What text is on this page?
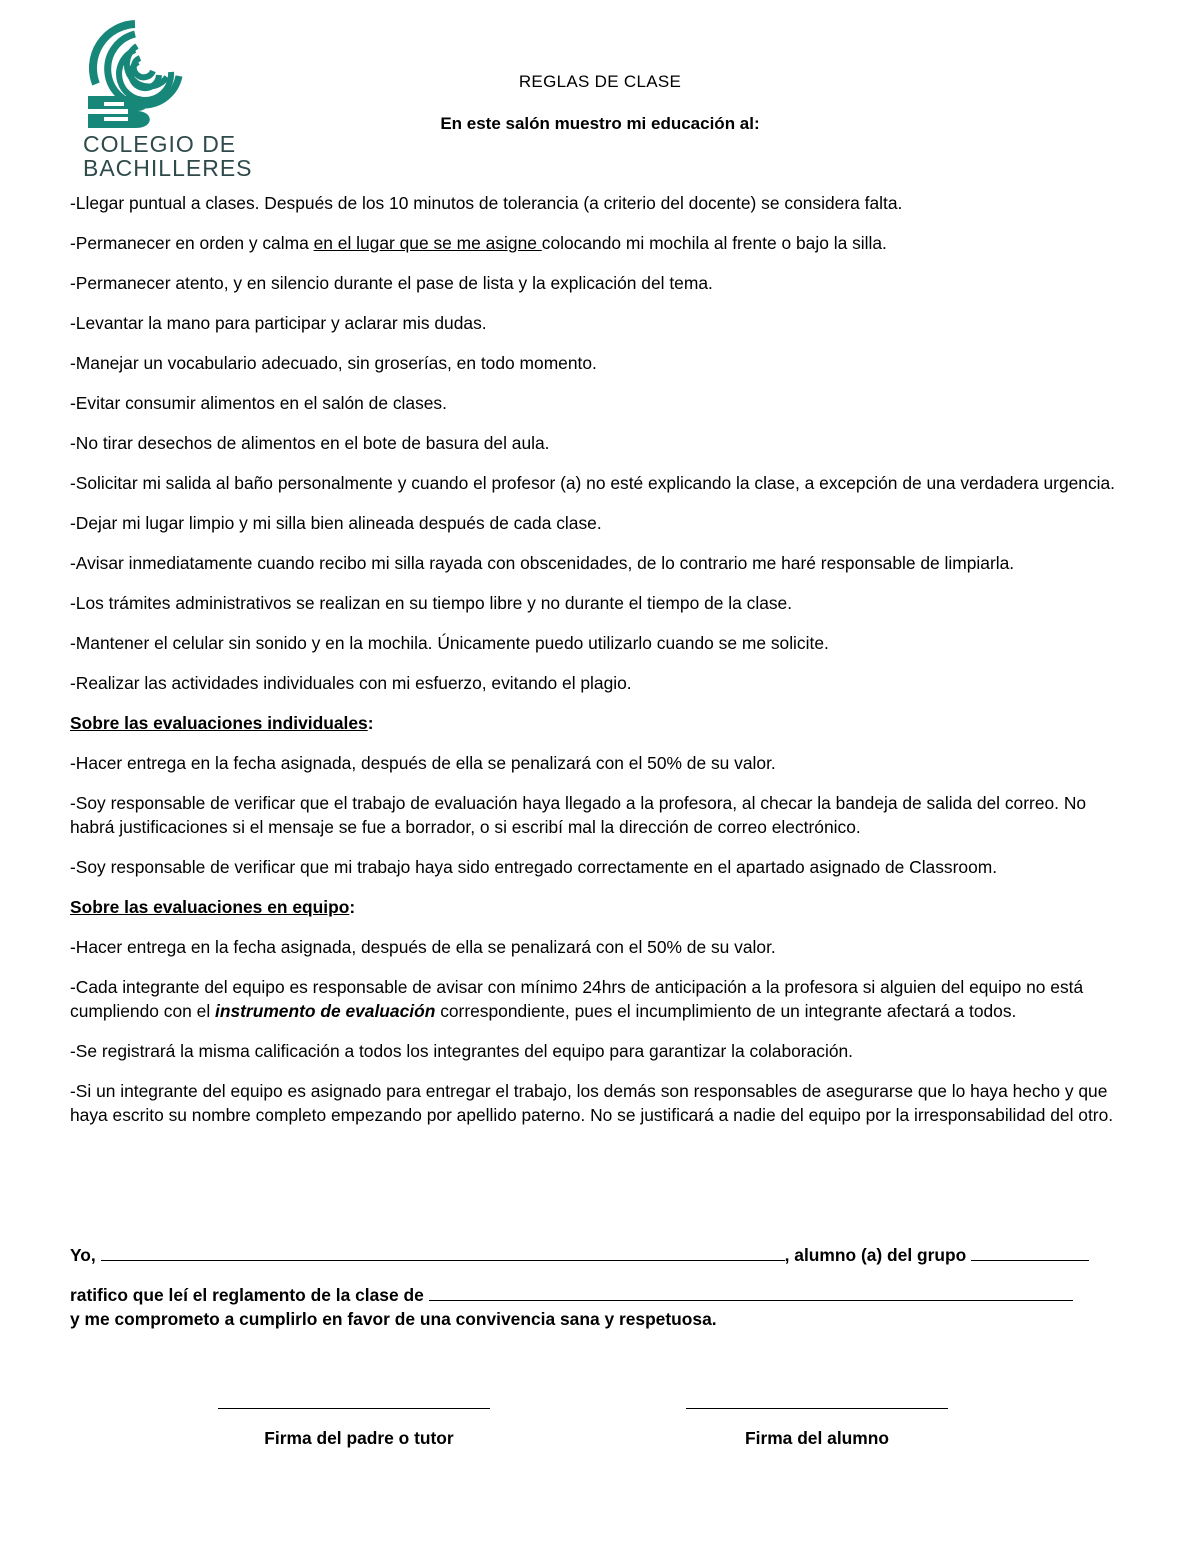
COLEGIO DE
BACHILLERES
REGLAS DE CLASE
En este salón muestro mi educación al:

-Llegar puntual a clases. Después de los 10 minutos de tolerancia (a criterio del docente) se considera falta.

-Permanecer en orden y calma en el lugar que se me asigne colocando mi mochila al frente o bajo la silla.

-Permanecer atento, y en silencio durante el pase de lista y la explicación del tema.

-Levantar la mano para participar y aclarar mis dudas.

-Manejar un vocabulario adecuado, sin groserías, en todo momento.

-Evitar consumir alimentos en el salón de clases.

-No tirar desechos de alimentos en el bote de basura del aula.

-Solicitar mi salida al baño personalmente y cuando el profesor (a) no esté explicando la clase, a excepción de una verdadera urgencia.

-Dejar mi lugar limpio y mi silla bien alineada después de cada clase.

-Avisar inmediatamente cuando recibo mi silla rayada con obscenidades, de lo contrario me haré responsable de limpiarla.

-Los trámites administrativos se realizan en su tiempo libre y no durante el tiempo de la clase.

-Mantener el celular sin sonido y en la mochila. Únicamente puedo utilizarlo cuando se me solicite.

-Realizar las actividades individuales con mi esfuerzo, evitando el plagio.

Sobre las evaluaciones individuales:

-Hacer entrega en la fecha asignada, después de ella se penalizará con el 50% de su valor.

-Soy responsable de verificar que el trabajo de evaluación haya llegado a la profesora, al checar la bandeja de salida del correo. No habrá justificaciones si el mensaje se fue a borrador, o si escribí mal la dirección de correo electrónico.

-Soy responsable de verificar que mi trabajo haya sido entregado correctamente en el apartado asignado de Classroom.

Sobre las evaluaciones en equipo:

-Hacer entrega en la fecha asignada, después de ella se penalizará con el 50% de su valor.

-Cada integrante del equipo es responsable de avisar con mínimo 24hrs de anticipación a la profesora si alguien del equipo no está cumpliendo con el instrumento de evaluación correspondiente, pues el incumplimiento de un integrante afectará a todos.

-Se registrará la misma calificación a todos los integrantes del equipo para garantizar la colaboración.

-Si un integrante del equipo es asignado para entregar el trabajo, los demás son responsables de asegurarse que lo haya hecho y que haya escrito su nombre completo empezando por apellido paterno. No se justificará a nadie del equipo por la irresponsabilidad del otro.

Yo,	, alumno (a) del grupo
ratifico que leí el reglamento de la clase de
y me comprometo a cumplirlo en favor de una convivencia sana y respetuosa.
Firma del padre o tutor	Firma del alumno
